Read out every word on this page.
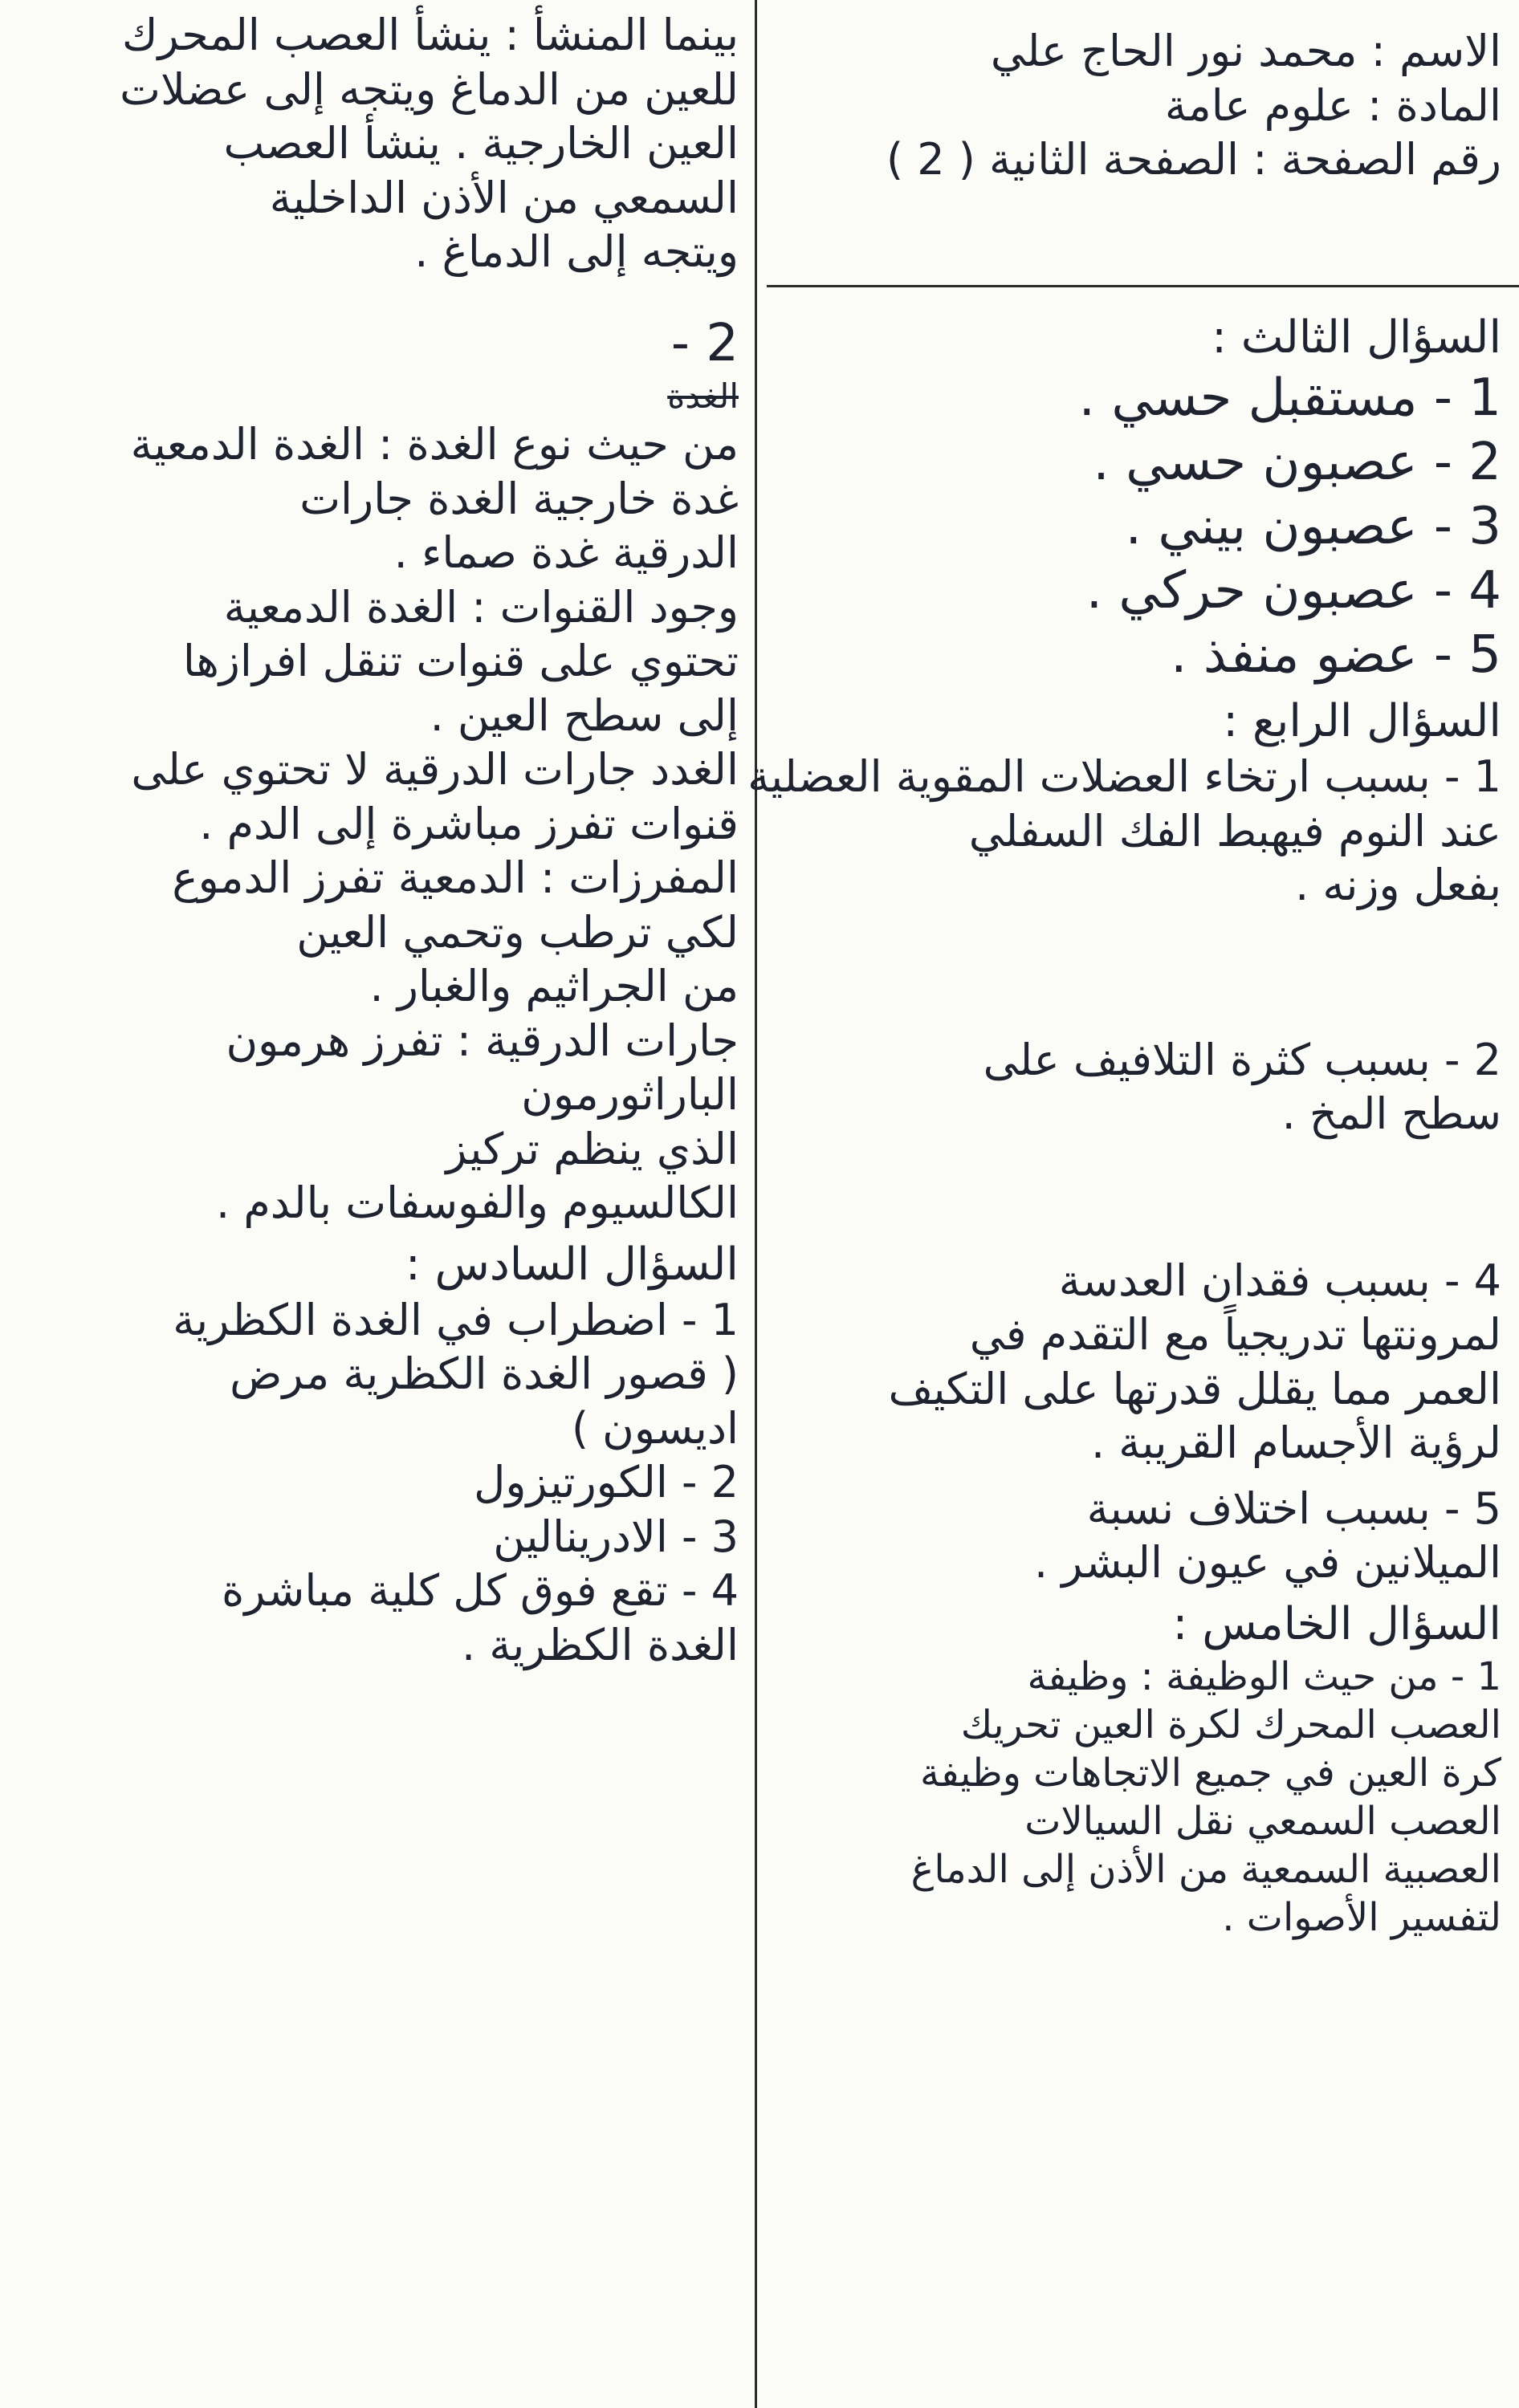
الاسم : محمد نور الحاج علي
المادة : علوم عامة
رقم الصفحة : الصفحة الثانية ( 2 )
السؤال الثالث :
1 - مستقبل حسي .
2 - عصبون حسي .
3 - عصبون بيني .
4 - عصبون حركي .
5 - عضو منفذ .
السؤال الرابع :
1 - بسبب ارتخاء العضلات المقوية العضلية
عند النوم فيهبط الفك السفلي
بفعل وزنه .
2 - بسبب كثرة التلافيف على
سطح المخ .
4 - بسبب فقدان العدسة
لمرونتها تدريجياً مع التقدم في
العمر مما يقلل قدرتها على التكيف
لرؤية الأجسام القريبة .
5 - بسبب اختلاف نسبة
الميلانين في عيون البشر .
السؤال الخامس :
1 - من حيث الوظيفة : وظيفة
العصب المحرك لكرة العين تحريك
كرة العين في جميع الاتجاهات وظيفة
العصب السمعي نقل السيالات
العصبية السمعية من الأذن إلى الدماغ
لتفسير الأصوات .
بينما المنشأ : ينشأ العصب المحرك
للعين من الدماغ ويتجه إلى عضلات
العين الخارجية . ينشأ العصب
السمعي من الأذن الداخلية
ويتجه إلى الدماغ .
2 -
الغدة
من حيث نوع الغدة : الغدة الدمعية
غدة خارجية الغدة جارات
الدرقية غدة صماء .
وجود القنوات : الغدة الدمعية
تحتوي على قنوات تنقل افرازها
إلى سطح العين .
الغدد جارات الدرقية لا تحتوي على
قنوات تفرز مباشرة إلى الدم .
المفرزات : الدمعية تفرز الدموع
لكي ترطب وتحمي العين
من الجراثيم والغبار .
جارات الدرقية : تفرز هرمون
الباراثورمون
الذي ينظم تركيز
الكالسيوم والفوسفات بالدم .
السؤال السادس :
1 - اضطراب في الغدة الكظرية
( قصور الغدة الكظرية مرض
اديسون )
2 - الكورتيزول
3 - الادرينالين
4 - تقع فوق كل كلية مباشرة
الغدة الكظرية .
